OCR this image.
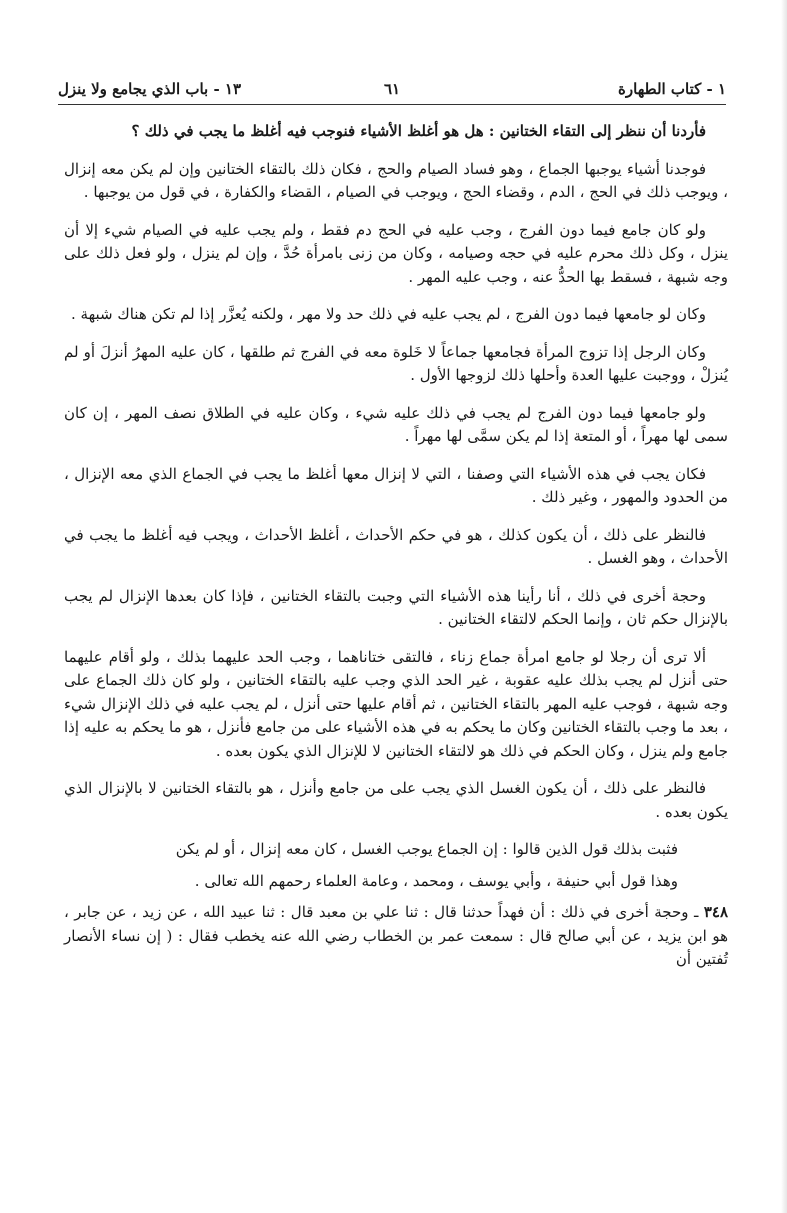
١ - كتاب الطهارة
٦١
١٣ - باب الذي يجامع ولا ينزل

فأردنا أن ننظر إلى التقاء الختانين : هل هو أغلظ الأشياء فنوجب فيه أغلظ ما يجب في ذلك ؟

فوجدنا أشياء يوجبها الجماع ، وهو فساد الصيام والحج ، فكان ذلك بالتقاء الختانين وإن لم يكن معه إنزال ، ويوجب ذلك في الحج ، الدم ، وقضاء الحج ، ويوجب في الصيام ، القضاء والكفارة ، في قول من يوجبها .

ولو كان جامع فيما دون الفرج ، وجب عليه في الحج دم فقط ، ولم يجب عليه في الصيام شيء إلا أن ينزل ، وكل ذلك محرم عليه في حجه وصيامه ، وكان من زنى بامرأة حُدَّ ، وإن لم ينزل ، ولو فعل ذلك على وجه شبهة ، فسقط بها الحدُّ عنه ، وجب عليه المهر .

وكان لو جامعها فيما دون الفرج ، لم يجب عليه في ذلك حد ولا مهر ، ولكنه يُعزَّر إذا لم تكن هناك شبهة .

وكان الرجل إذا تزوج المرأة فجامعها جماعاً لا خَلوة معه في الفرج ثم طلقها ، كان عليه المهرُ أنزلَ أو لم يُنزلْ ، ووجبت عليها العدة وأحلها ذلك لزوجها الأول .

ولو جامعها فيما دون الفرج لم يجب في ذلك عليه شيء ، وكان عليه في الطلاق نصف المهر ، إن كان سمى لها مهراً ، أو المتعة إذا لم يكن سمَّى لها مهراً .

فكان يجب في هذه الأشياء التي وصفنا ، التي لا إنزال معها أغلظ ما يجب في الجماع الذي معه الإنزال ، من الحدود والمهور ، وغير ذلك .

فالنظر على ذلك ، أن يكون كذلك ، هو في حكم الأحداث ، أغلظ الأحداث ، ويجب فيه أغلظ ما يجب في الأحداث ، وهو الغسل .

وحجة أخرى في ذلك ، أنا رأينا هذه الأشياء التي وجبت بالتقاء الختانين ، فإذا كان بعدها الإنزال لم يجب بالإنزال حكم ثان ، وإنما الحكم لالتقاء الختانين .

ألا ترى أن رجلا لو جامع امرأة جماع زناء ، فالتقى ختاناهما ، وجب الحد عليهما بذلك ، ولو أقام عليهما حتى أنزل لم يجب بذلك عليه عقوبة ، غير الحد الذي وجب عليه بالتقاء الختانين ، ولو كان ذلك الجماع على وجه شبهة ، فوجب عليه المهر بالتقاء الختانين ، ثم أقام عليها حتى أنزل ، لم يجب عليه في ذلك الإنزال شيء ، بعد ما وجب بالتقاء الختانين وكان ما يحكم به في هذه الأشياء على من جامع فأنزل ، هو ما يحكم به عليه إذا جامع ولم ينزل ، وكان الحكم في ذلك هو لالتقاء الختانين لا للإنزال الذي يكون بعده .

فالنظر على ذلك ، أن يكون الغسل الذي يجب على من جامع وأنزل ، هو بالتقاء الختانين لا بالإنزال الذي يكون بعده .

فثبت بذلك قول الذين قالوا : إن الجماع يوجب الغسل ، كان معه إنزال ، أو لم يكن

وهذا قول أبي حنيفة ، وأبي يوسف ، ومحمد ، وعامة العلماء رحمهم الله تعالى .

٣٤٨ ـ وحجة أخرى في ذلك : أن فهداً حدثنا قال : ثنا علي بن معبد قال : ثنا عبيد الله ، عن زيد ، عن جابر ، هو ابن يزيد ، عن أبي صالح قال : سمعت عمر بن الخطاب رضي الله عنه يخطب فقال : ( إن نساء الأنصار تُفتين أن
